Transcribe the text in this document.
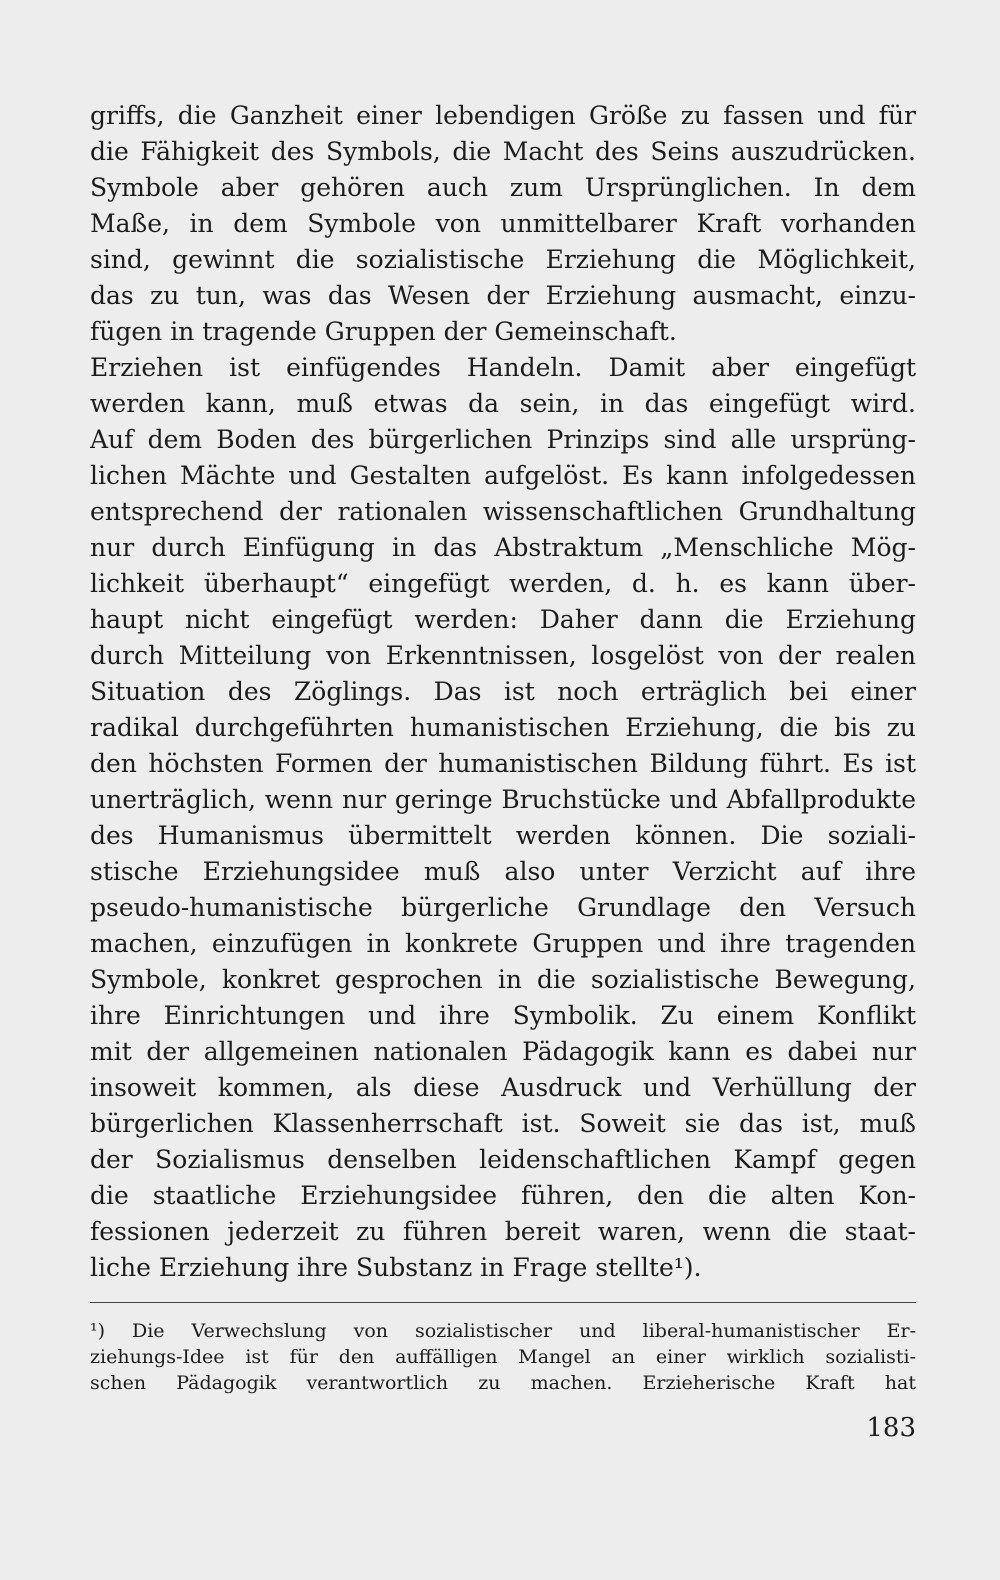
griffs, die Ganzheit einer lebendigen Größe zu fassen und für
die Fähigkeit des Symbols, die Macht des Seins auszudrücken.
Symbole aber gehören auch zum Ursprünglichen. In dem
Maße, in dem Symbole von unmittelbarer Kraft vorhanden
sind, gewinnt die sozialistische Erziehung die Möglichkeit,
das zu tun, was das Wesen der Erziehung ausmacht, einzu-
fügen in tragende Gruppen der Gemeinschaft.
Erziehen ist einfügendes Handeln. Damit aber eingefügt
werden kann, muß etwas da sein, in das eingefügt wird.
Auf dem Boden des bürgerlichen Prinzips sind alle ursprüng-
lichen Mächte und Gestalten aufgelöst. Es kann infolgedessen
entsprechend der rationalen wissenschaftlichen Grundhaltung
nur durch Einfügung in das Abstraktum „Menschliche Mög-
lichkeit überhaupt“ eingefügt werden, d. h. es kann über-
haupt nicht eingefügt werden: Daher dann die Erziehung
durch Mitteilung von Erkenntnissen, losgelöst von der realen
Situation des Zöglings. Das ist noch erträglich bei einer
radikal durchgeführten humanistischen Erziehung, die bis zu
den höchsten Formen der humanistischen Bildung führt. Es ist
unerträglich, wenn nur geringe Bruchstücke und Abfallprodukte
des Humanismus übermittelt werden können. Die soziali-
stische Erziehungsidee muß also unter Verzicht auf ihre
pseudo-humanistische bürgerliche Grundlage den Versuch
machen, einzufügen in konkrete Gruppen und ihre tragenden
Symbole, konkret gesprochen in die sozialistische Bewegung,
ihre Einrichtungen und ihre Symbolik. Zu einem Konflikt
mit der allgemeinen nationalen Pädagogik kann es dabei nur
insoweit kommen, als diese Ausdruck und Verhüllung der
bürgerlichen Klassenherrschaft ist. Soweit sie das ist, muß
der Sozialismus denselben leidenschaftlichen Kampf gegen
die staatliche Erziehungsidee führen, den die alten Kon-
fessionen jederzeit zu führen bereit waren, wenn die staat-
liche Erziehung ihre Substanz in Frage stellte¹).
¹) Die Verwechslung von sozialistischer und liberal-humanistischer Er-
ziehungs-Idee ist für den auffälligen Mangel an einer wirklich sozialisti-
schen Pädagogik verantwortlich zu machen. Erzieherische Kraft hat
183
